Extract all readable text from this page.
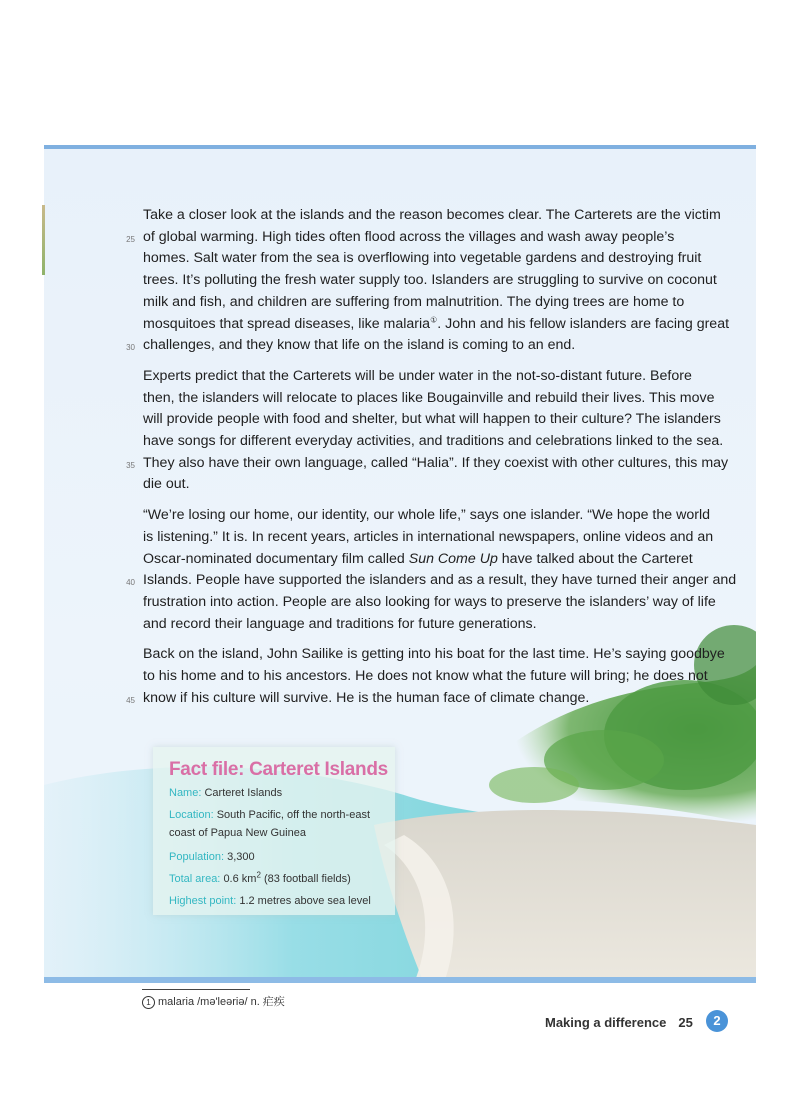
Take a closer look at the islands and the reason becomes clear. The Carterets are the victim
25 of global warming. High tides often flood across the villages and wash away people’s
homes. Salt water from the sea is overflowing into vegetable gardens and destroying fruit
trees. It’s polluting the fresh water supply too. Islanders are struggling to survive on coconut
milk and fish, and children are suffering from malnutrition. The dying trees are home to
mosquitoes that spread diseases, like malaria①. John and his fellow islanders are facing great
30 challenges, and they know that life on the island is coming to an end.
Experts predict that the Carterets will be under water in the not-so-distant future. Before
then, the islanders will relocate to places like Bougainville and rebuild their lives. This move
will provide people with food and shelter, but what will happen to their culture? The islanders
have songs for different everyday activities, and traditions and celebrations linked to the sea.
35 They also have their own language, called “Halia”. If they coexist with other cultures, this may
die out.
“We’re losing our home, our identity, our whole life,” says one islander. “We hope the world
is listening.” It is. In recent years, articles in international newspapers, online videos and an
Oscar-nominated documentary film called Sun Come Up have talked about the Carteret
40 Islands. People have supported the islanders and as a result, they have turned their anger and
frustration into action. People are also looking for ways to preserve the islanders’ way of life
and record their language and traditions for future generations.
Back on the island, John Sailike is getting into his boat for the last time. He’s saying goodbye
to his home and to his ancestors. He does not know what the future will bring; he does not
45 know if his culture will survive. He is the human face of climate change.
Fact file: Carteret Islands
Name: Carteret Islands
Location: South Pacific, off the north-east
coast of Papua New Guinea
Population: 3,300
Total area: 0.6 $km^2$ (83 football fields)
Highest point: 1.2 metres above sea level
1 malaria /mə'leəriə/ n. 疟疾
Making a difference 25	2
